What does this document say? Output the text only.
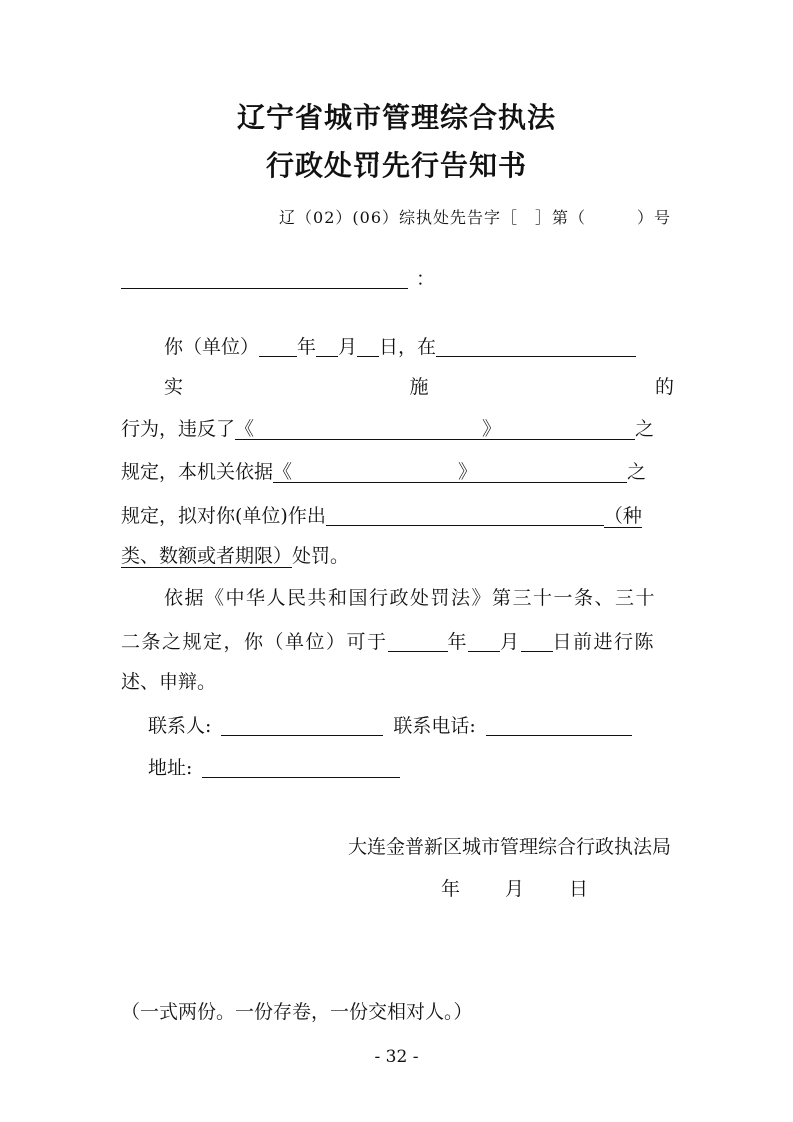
辽宁省城市管理综合执法
行政处罚先行告知书
辽（02）(06）综执处先告字［　］第（　　　）号
：
你（单位） 年 月 日，在
实	施	的
行为，违反了《	》	之
规定，本机关依据《	》	之
规定，拟对你(单位)作出	（种
类、数额或者期限）处罚。
依据《中华人民共和国行政处罚法》第三十一条、三十
二条之规定，你（单位）可于	年 月 日前进行陈
述、申辩。
联系人:	联系电话:
地址:
大连金普新区城市管理综合行政执法局
年 月 日
（一式两份。一份存卷，一份交相对人。）
- 32 -
